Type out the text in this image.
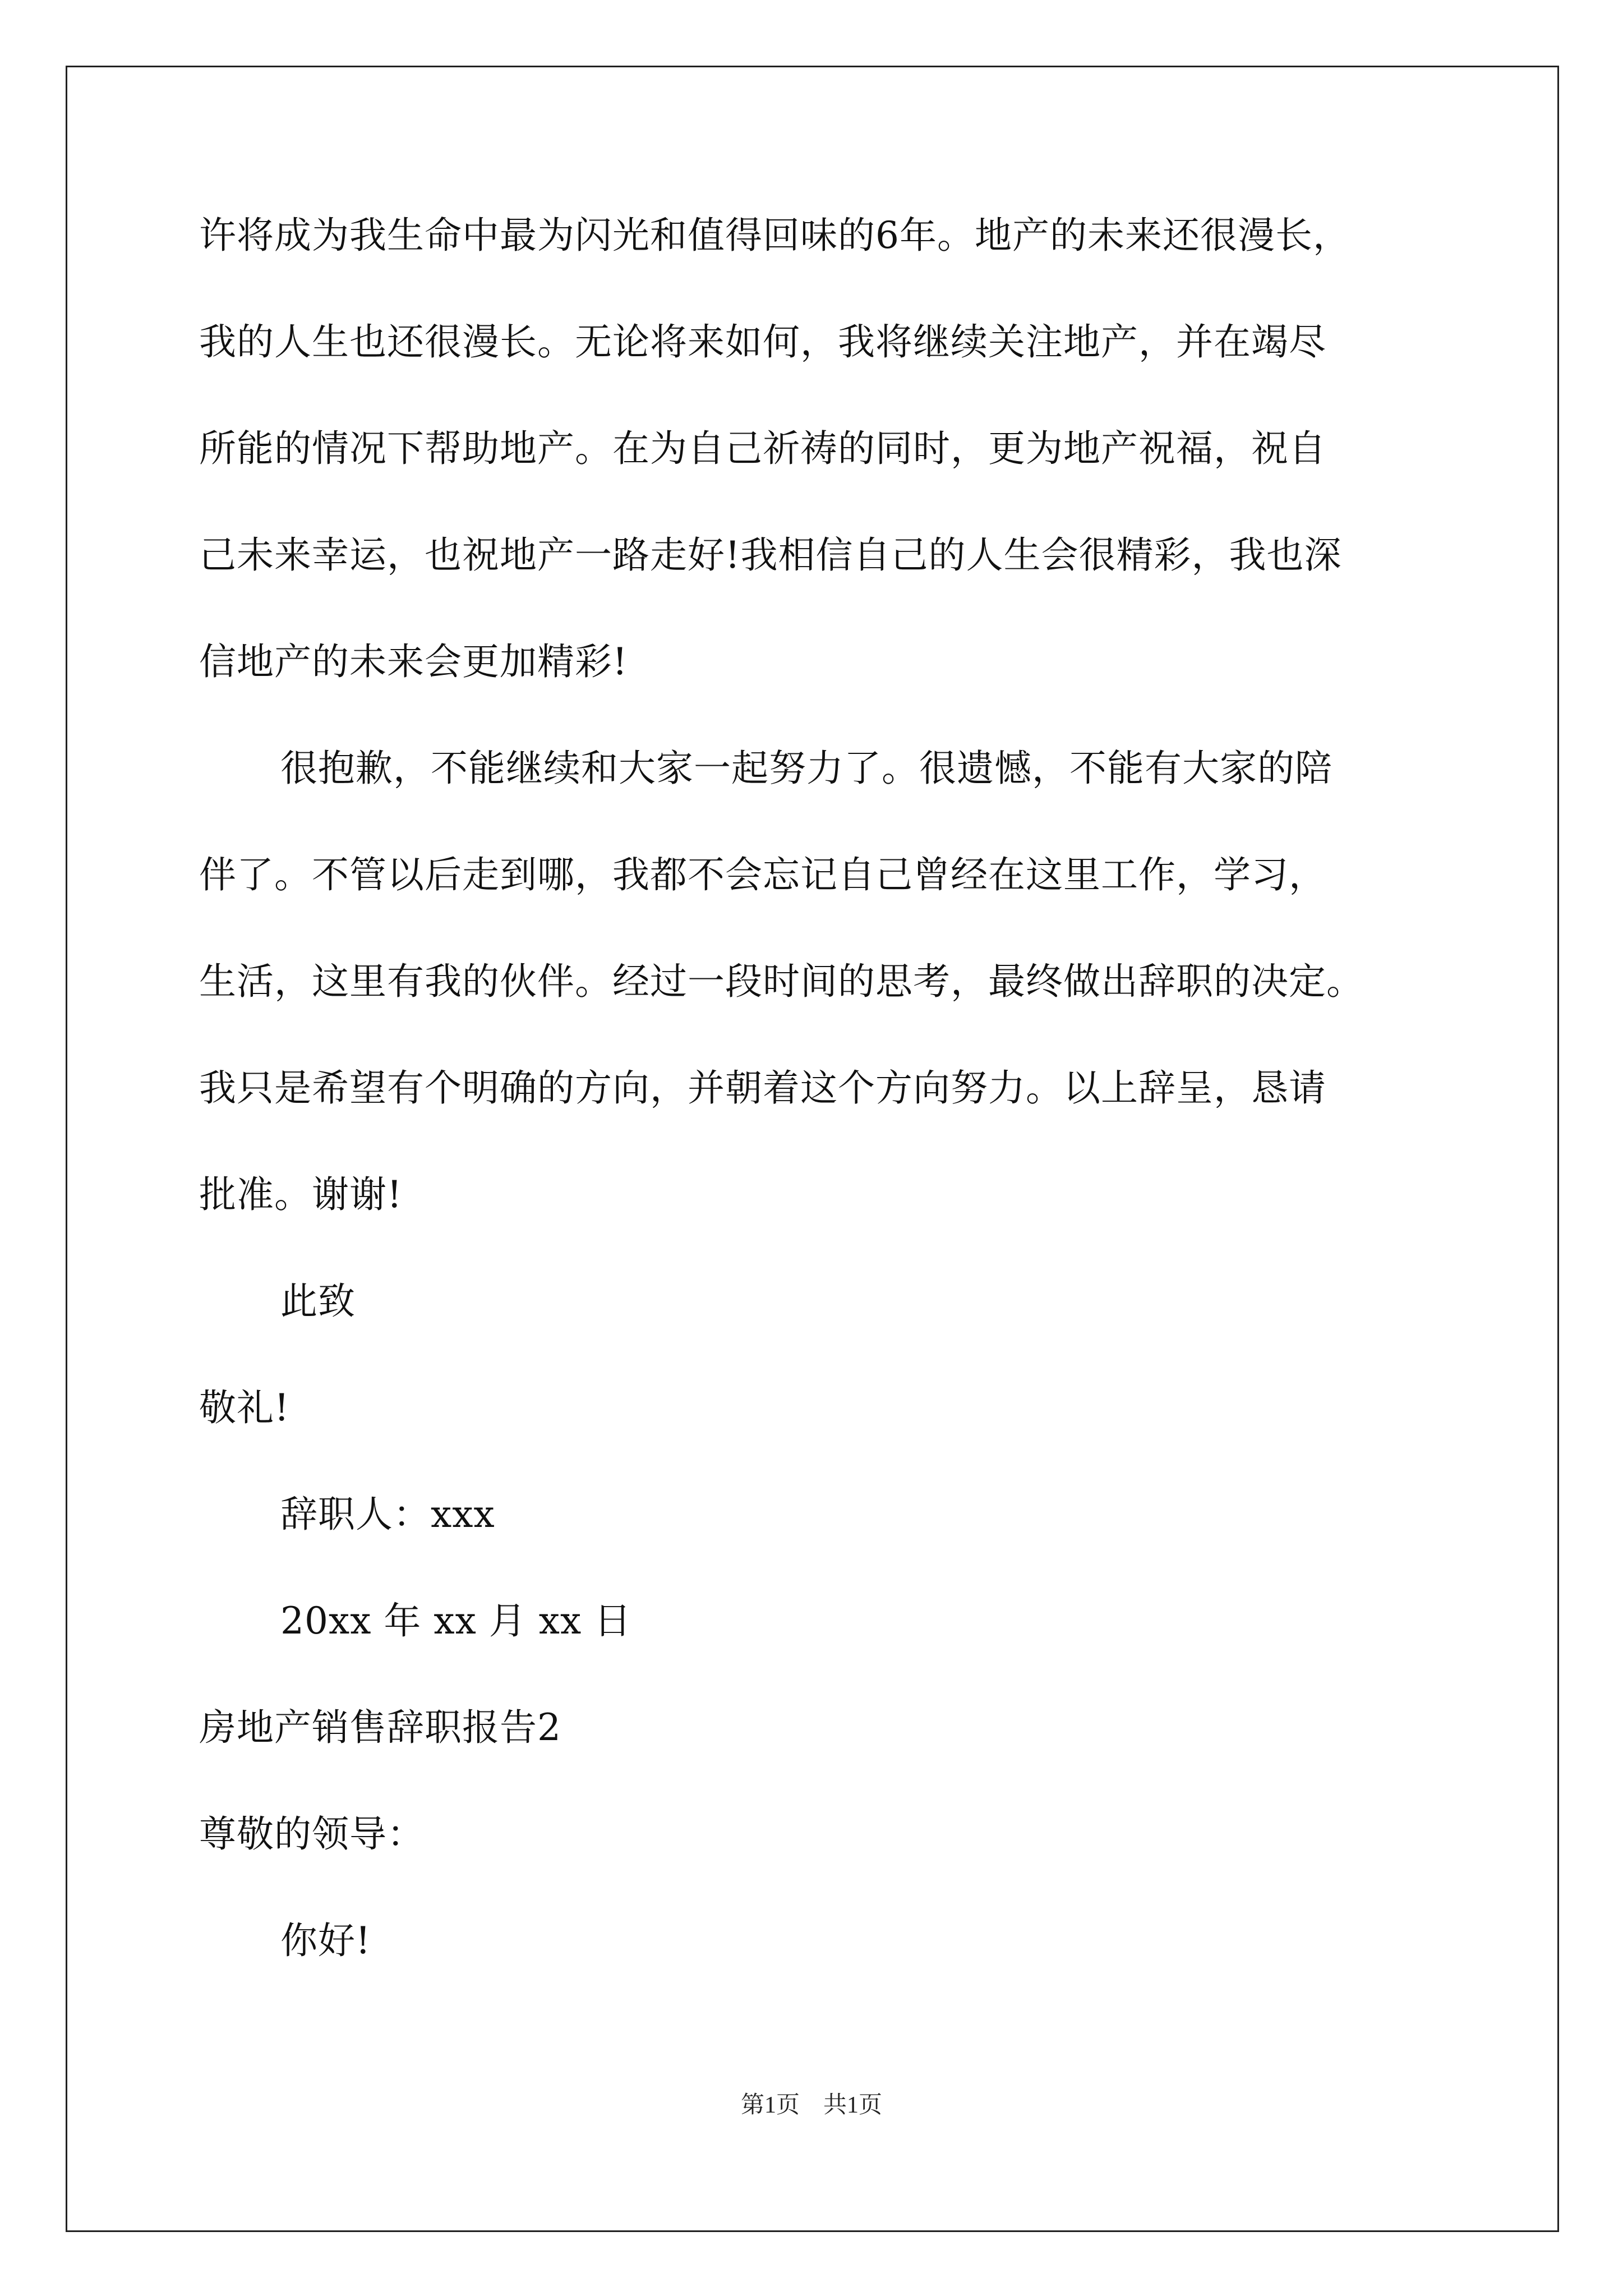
许将成为我生命中最为闪光和值得回味的6年。地产的未来还很漫长，
我的人生也还很漫长。无论将来如何，我将继续关注地产，并在竭尽
所能的情况下帮助地产。在为自己祈祷的同时，更为地产祝福，祝自
己未来幸运，也祝地产一路走好!我相信自己的人生会很精彩，我也深
信地产的未来会更加精彩!
很抱歉，不能继续和大家一起努力了。很遗憾，不能有大家的陪
伴了。不管以后走到哪，我都不会忘记自己曾经在这里工作，学习，
生活，这里有我的伙伴。经过一段时间的思考，最终做出辞职的决定。
我只是希望有个明确的方向，并朝着这个方向努力。以上辞呈，恳请
批准。谢谢!
此致
敬礼!
辞职人：xxx
20xx 年 xx 月 xx 日
房地产销售辞职报告2
尊敬的领导：
你好!
第1页　共1页
